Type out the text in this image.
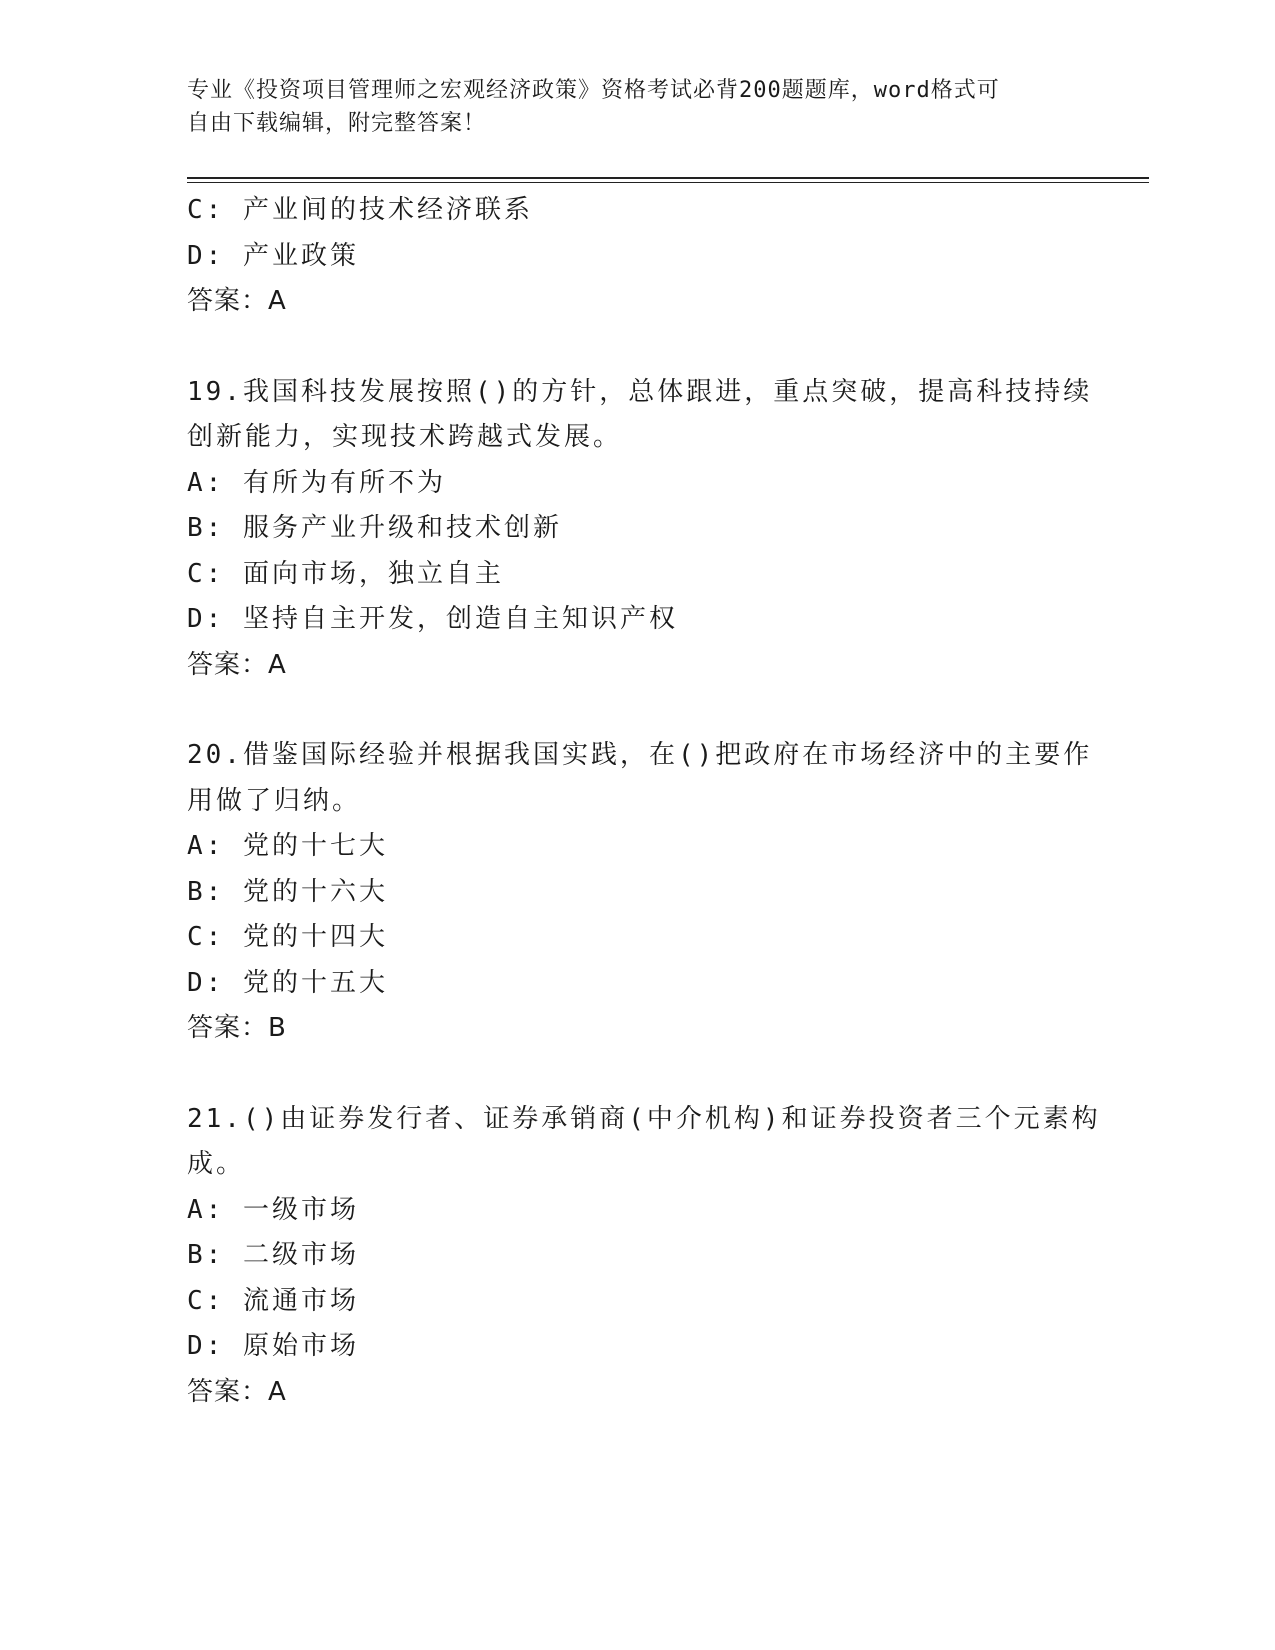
专业《投资项目管理师之宏观经济政策》资格考试必背200题题库，word格式可
自由下载编辑，附完整答案！
C: 产业间的技术经济联系
D: 产业政策
答案：A
19.我国科技发展按照()的方针，总体跟进，重点突破，提高科技持续
创新能力，实现技术跨越式发展。
A: 有所为有所不为
B: 服务产业升级和技术创新
C: 面向市场，独立自主
D: 坚持自主开发，创造自主知识产权
答案：A
20.借鉴国际经验并根据我国实践，在()把政府在市场经济中的主要作
用做了归纳。
A: 党的十七大
B: 党的十六大
C: 党的十四大
D: 党的十五大
答案：B
21.()由证券发行者、证券承销商(中介机构)和证券投资者三个元素构
成。
A: 一级市场
B: 二级市场
C: 流通市场
D: 原始市场
答案：A
